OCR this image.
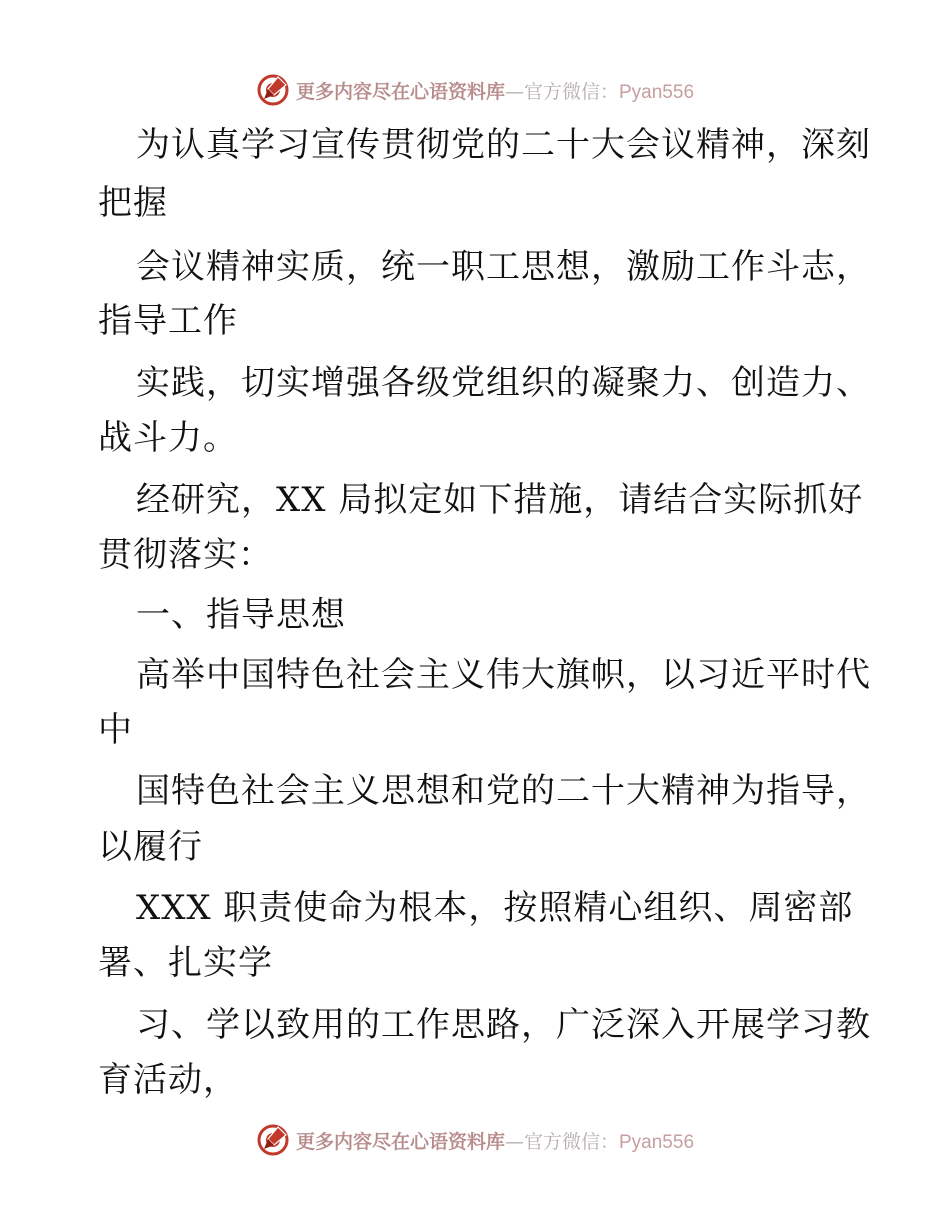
更多内容尽在心语资料库—官方微信：Pyan556
为认真学习宣传贯彻党的二十大会议精神，深刻
把握
会议精神实质，统一职工思想，激励工作斗志，
指导工作
实践，切实增强各级党组织的凝聚力、创造力、
战斗力。
经研究，XX 局拟定如下措施，请结合实际抓好
贯彻落实：
一、指导思想
高举中国特色社会主义伟大旗帜，以习近平时代
中
国特色社会主义思想和党的二十大精神为指导，
以履行
XXX 职责使命为根本，按照精心组织、周密部
署、扎实学
习、学以致用的工作思路，广泛深入开展学习教
育活动，
更多内容尽在心语资料库—官方微信：Pyan556
